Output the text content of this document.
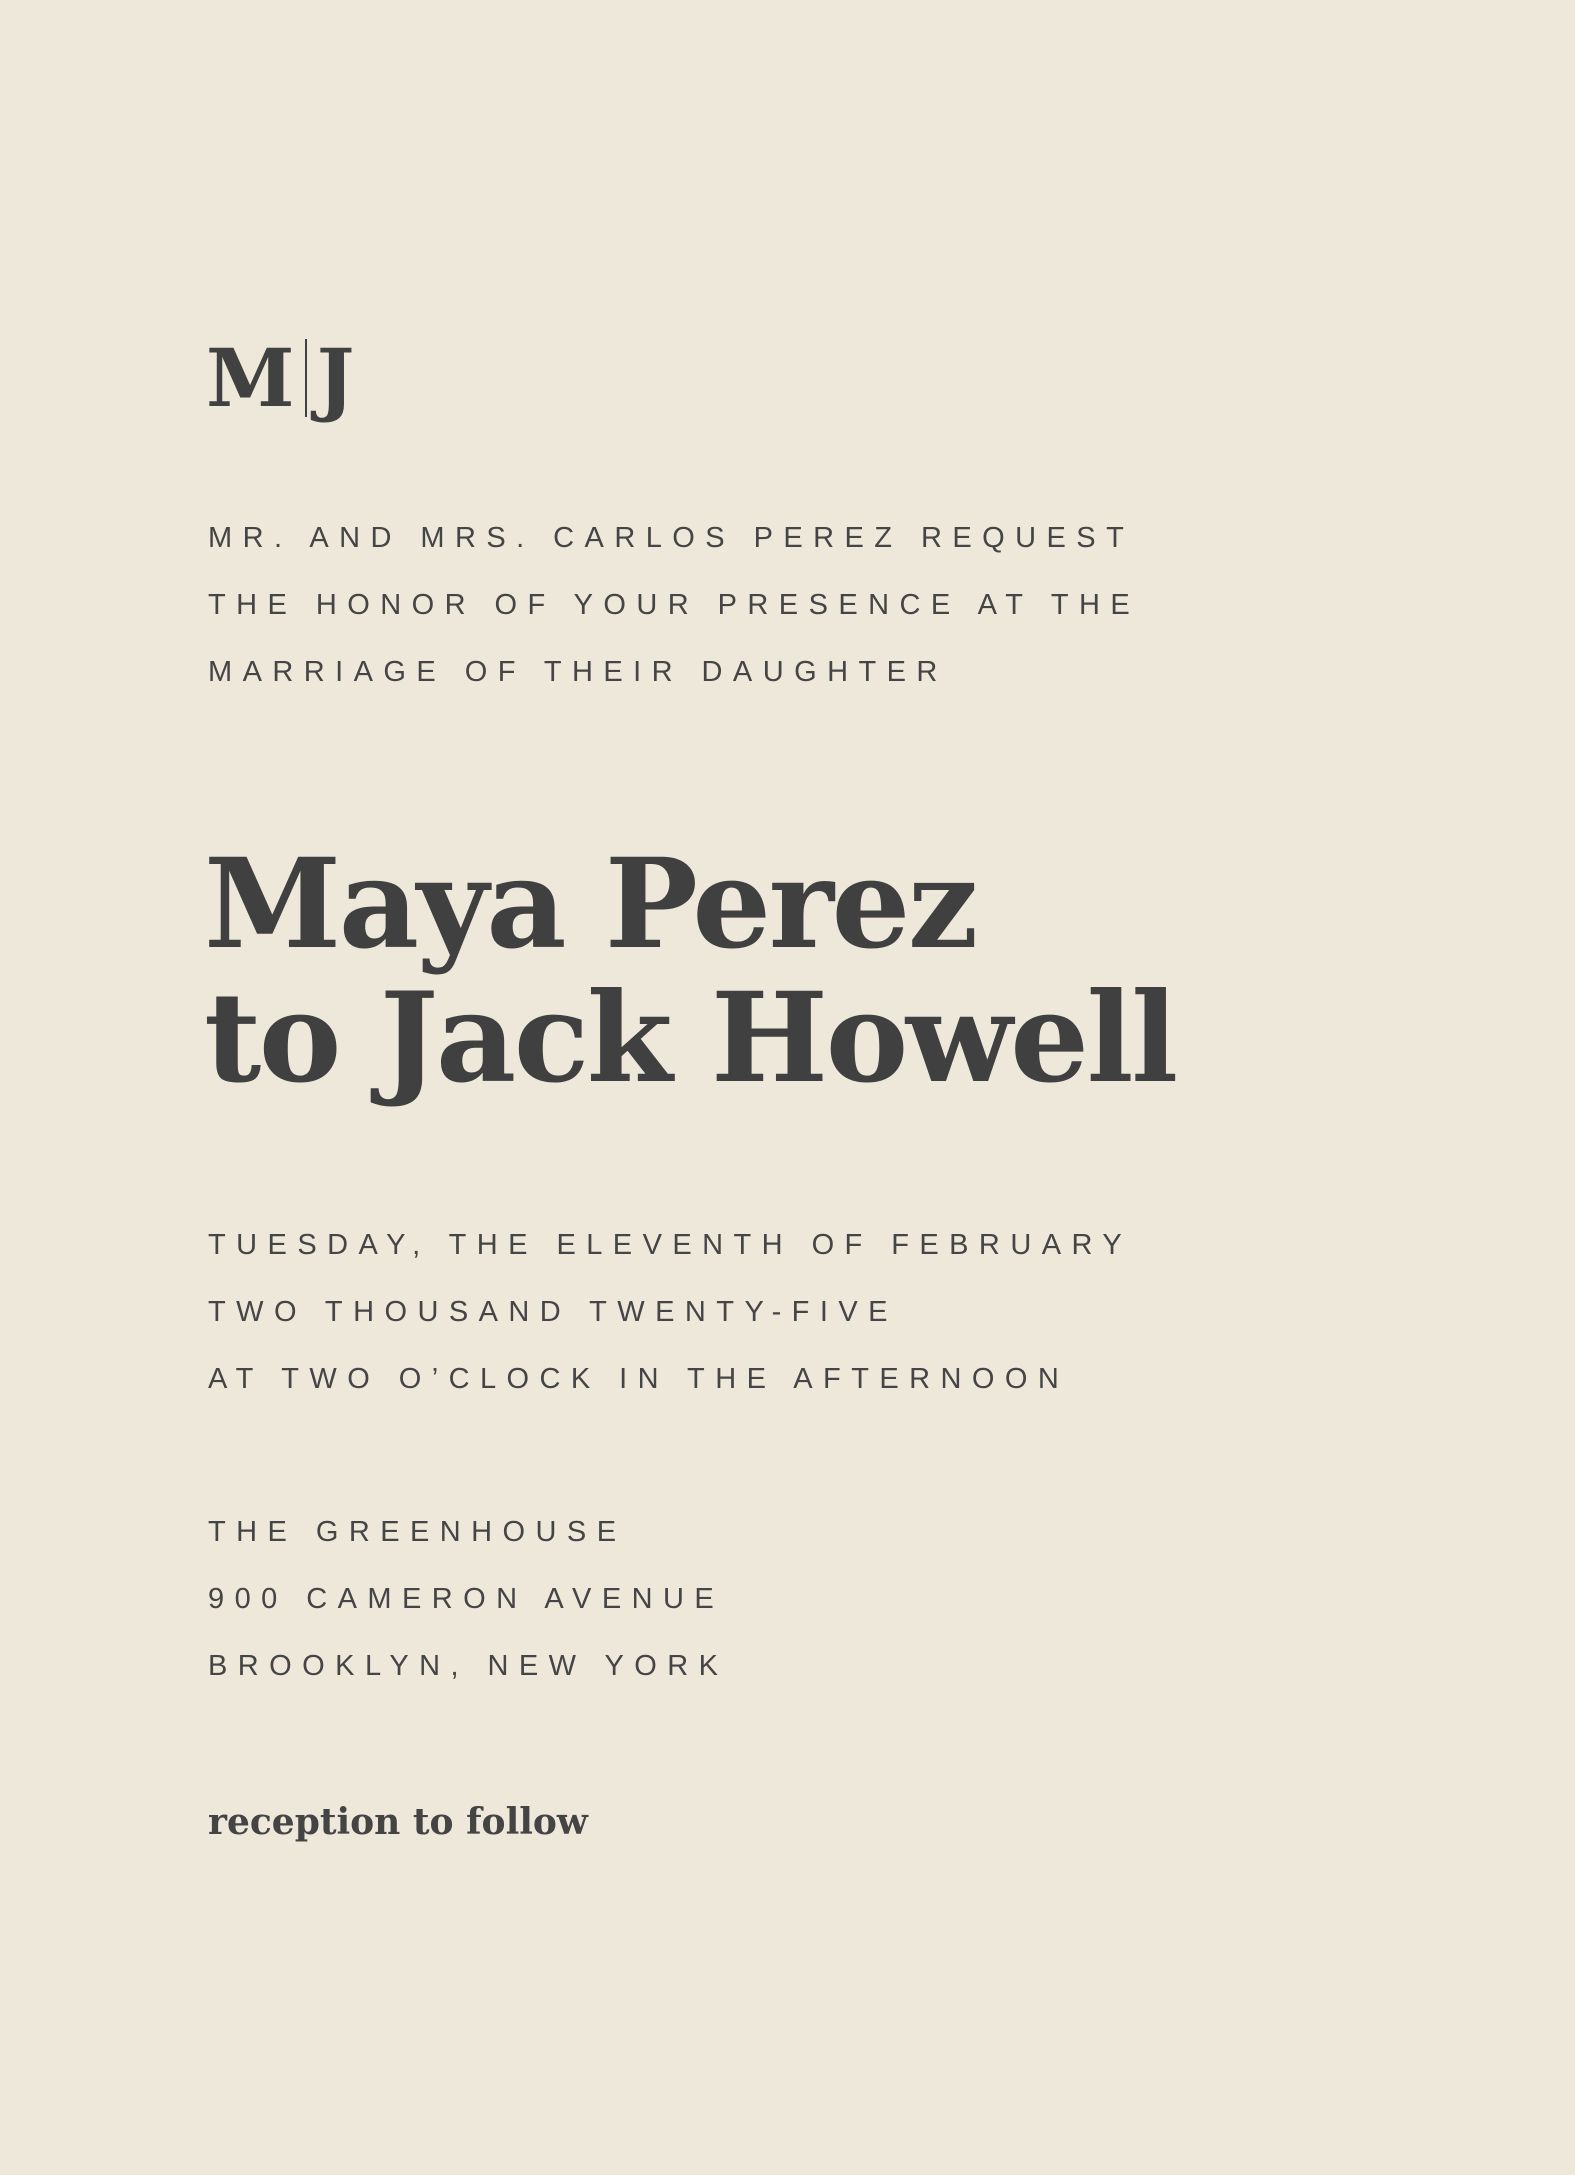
M J
MR. AND MRS. CARLOS PEREZ REQUEST
THE HONOR OF YOUR PRESENCE AT THE
MARRIAGE OF THEIR DAUGHTER
Maya Perez
to Jack Howell
TUESDAY, THE ELEVENTH OF FEBRUARY
TWO THOUSAND TWENTY-FIVE
AT TWO O’CLOCK IN THE AFTERNOON
THE GREENHOUSE
900 CAMERON AVENUE
BROOKLYN, NEW YORK
reception to follow
